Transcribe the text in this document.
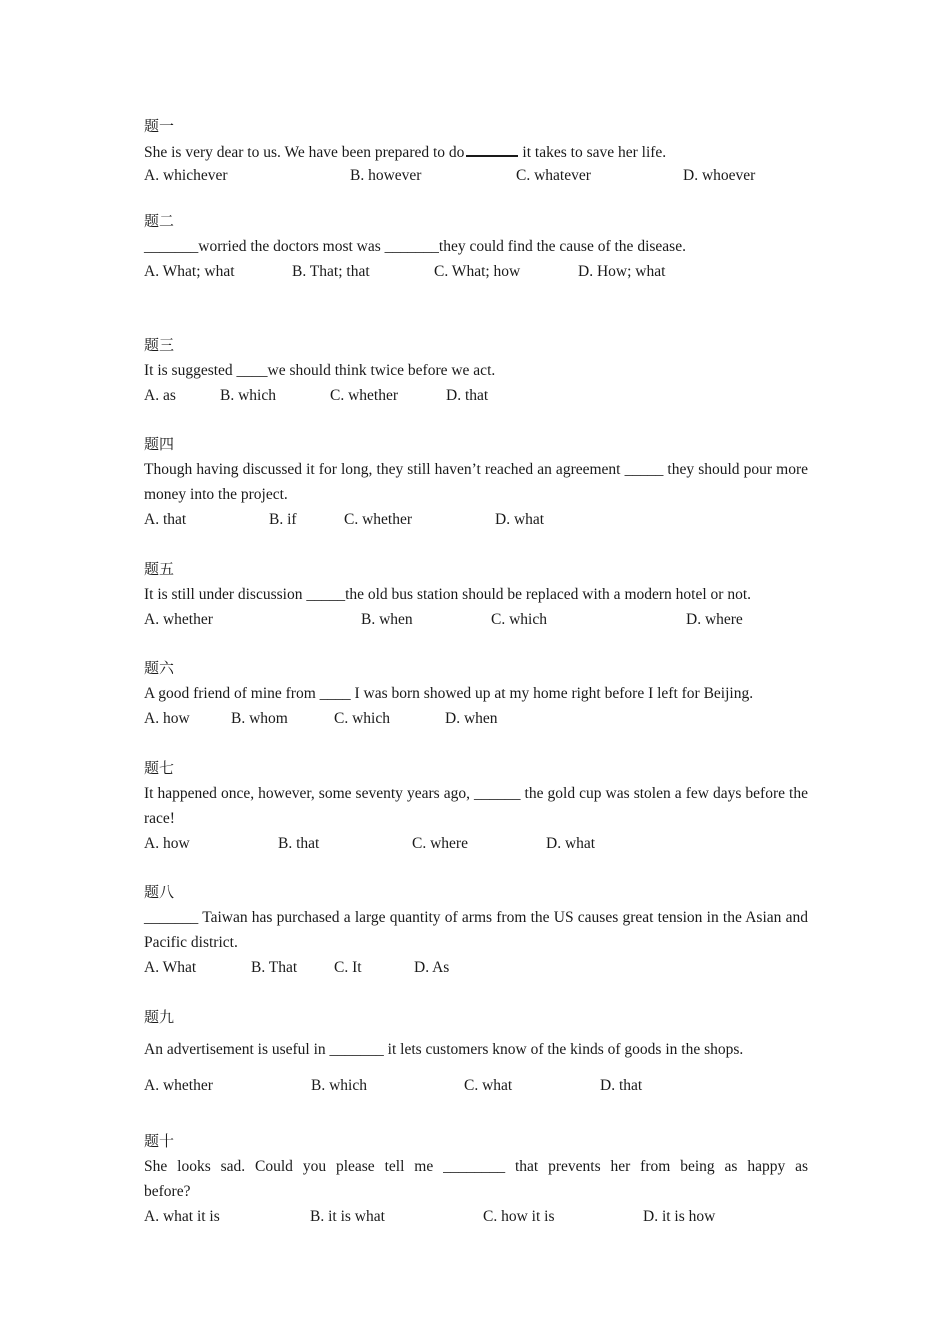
题一
She is very dear to us. We have been prepared to do	it takes to save her life.
A. whichever	B. however	C. whatever	D. whoever
题二
_______worried the doctors most was _______they could find the cause of the disease.
A. What; what	B. That; that	C. What; how	D. How; what
题三
It is suggested ____we should think twice before we act.
A. as	B. which	C. whether	D. that
题四
Though having discussed it for long, they still haven’t reached an agreement _____ they should pour more money into the project.
A. that	B. if	C. whether	D. what
题五
It is still under discussion _____the old bus station should be replaced with a modern hotel or not.
A. whether	B. when	C. which	D. where
题六
A good friend of mine from ____ I was born showed up at my home right before I left for Beijing.
A. how	B. whom	C. which	D. when
题七
It happened once, however, some seventy years ago, ______ the gold cup was stolen a few days before the race!
A. how	B. that	C. where	D. what
题八
_______ Taiwan has purchased a large quantity of arms from the US causes great tension in the Asian and Pacific district.
A. What	B. That C. It	D. As
题九
An advertisement is useful in _______ it lets customers know of the kinds of goods in the shops.
A. whether	B. which	C. what	D. that
题十
She looks sad. Could you please tell me ________ that prevents her from being as happy as before?
A. what it is	B. it is what	C. how it is	D. it is how
